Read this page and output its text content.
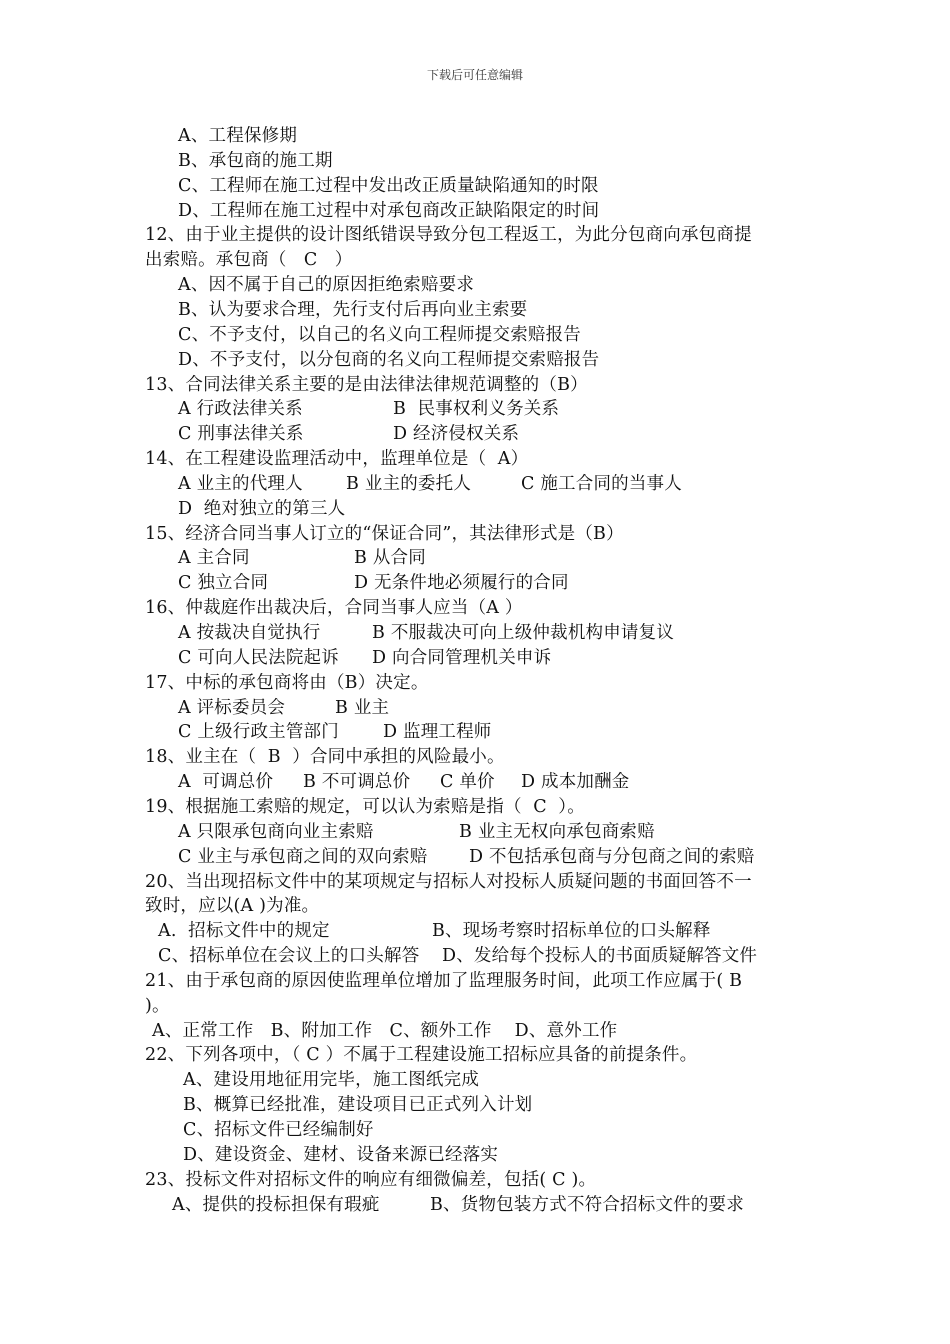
下载后可任意编辑
A、工程保修期
B、承包商的施工期
C、工程师在施工过程中发出改正质量缺陷通知的时限
D、工程师在施工过程中对承包商改正缺陷限定的时间
12、由于业主提供的设计图纸错误导致分包工程返工，为此分包商向承包商提
出索赔。承包商（   C   ）
A、因不属于自己的原因拒绝索赔要求
B、认为要求合理，先行支付后再向业主索要
C、不予支付，以自己的名义向工程师提交索赔报告
D、不予支付，以分包商的名义向工程师提交索赔报告
13、合同法律关系主要的是由法律法律规范调整的（B）
A 行政法律关系	B  民事权利义务关系
C 刑事法律关系	D 经济侵权关系
14、在工程建设监理活动中，监理单位是（  A）
A 业主的代理人 B 业主的委托人	C 施工合同的当事人
D  绝对独立的第三人
15、经济合同当事人订立的“保证合同”，其法律形式是（B）
A 主合同	B 从合同
C 独立合同	D 无条件地必须履行的合同
16、仲裁庭作出裁决后，合同当事人应当（A ）
A 按裁决自觉执行	B 不服裁决可向上级仲裁机构申请复议
C 可向人民法院起诉 D 向合同管理机关申诉
17、中标的承包商将由（B）决定。
A 评标委员会	B 业主
C 上级行政主管部门	D 监理工程师
18、业主在（  B  ）合同中承担的风险最小。
A  可调总价 B 不可调总价 C 单价 D 成本加酬金
19、根据施工索赔的规定，可以认为索赔是指（  C  ）。
A 只限承包商向业主索赔	B 业主无权向承包商索赔
C 业主与承包商之间的双向索赔 D 不包括承包商与分包商之间的索赔
20、当出现招标文件中的某项规定与招标人对投标人质疑问题的书面回答不一
致时，应以(A )为准。
A.  招标文件中的规定	B、现场考察时招标单位的口头解释
C、招标单位在会议上的口头解答 D、发给每个投标人的书面质疑解答文件
21、由于承包商的原因使监理单位增加了监理服务时间，此项工作应属于( B
)。
A、正常工作   B、附加工作   C、额外工作    D、意外工作
22、下列各项中，（ C ）不属于工程建设施工招标应具备的前提条件。
A、建设用地征用完毕，施工图纸完成
B、概算已经批准，建设项目已正式列入计划
C、招标文件已经编制好
D、建设资金、建材、设备来源已经落实
23、投标文件对招标文件的响应有细微偏差，包括( C )。
A、提供的投标担保有瑕疵	B、货物包装方式不符合招标文件的要求
